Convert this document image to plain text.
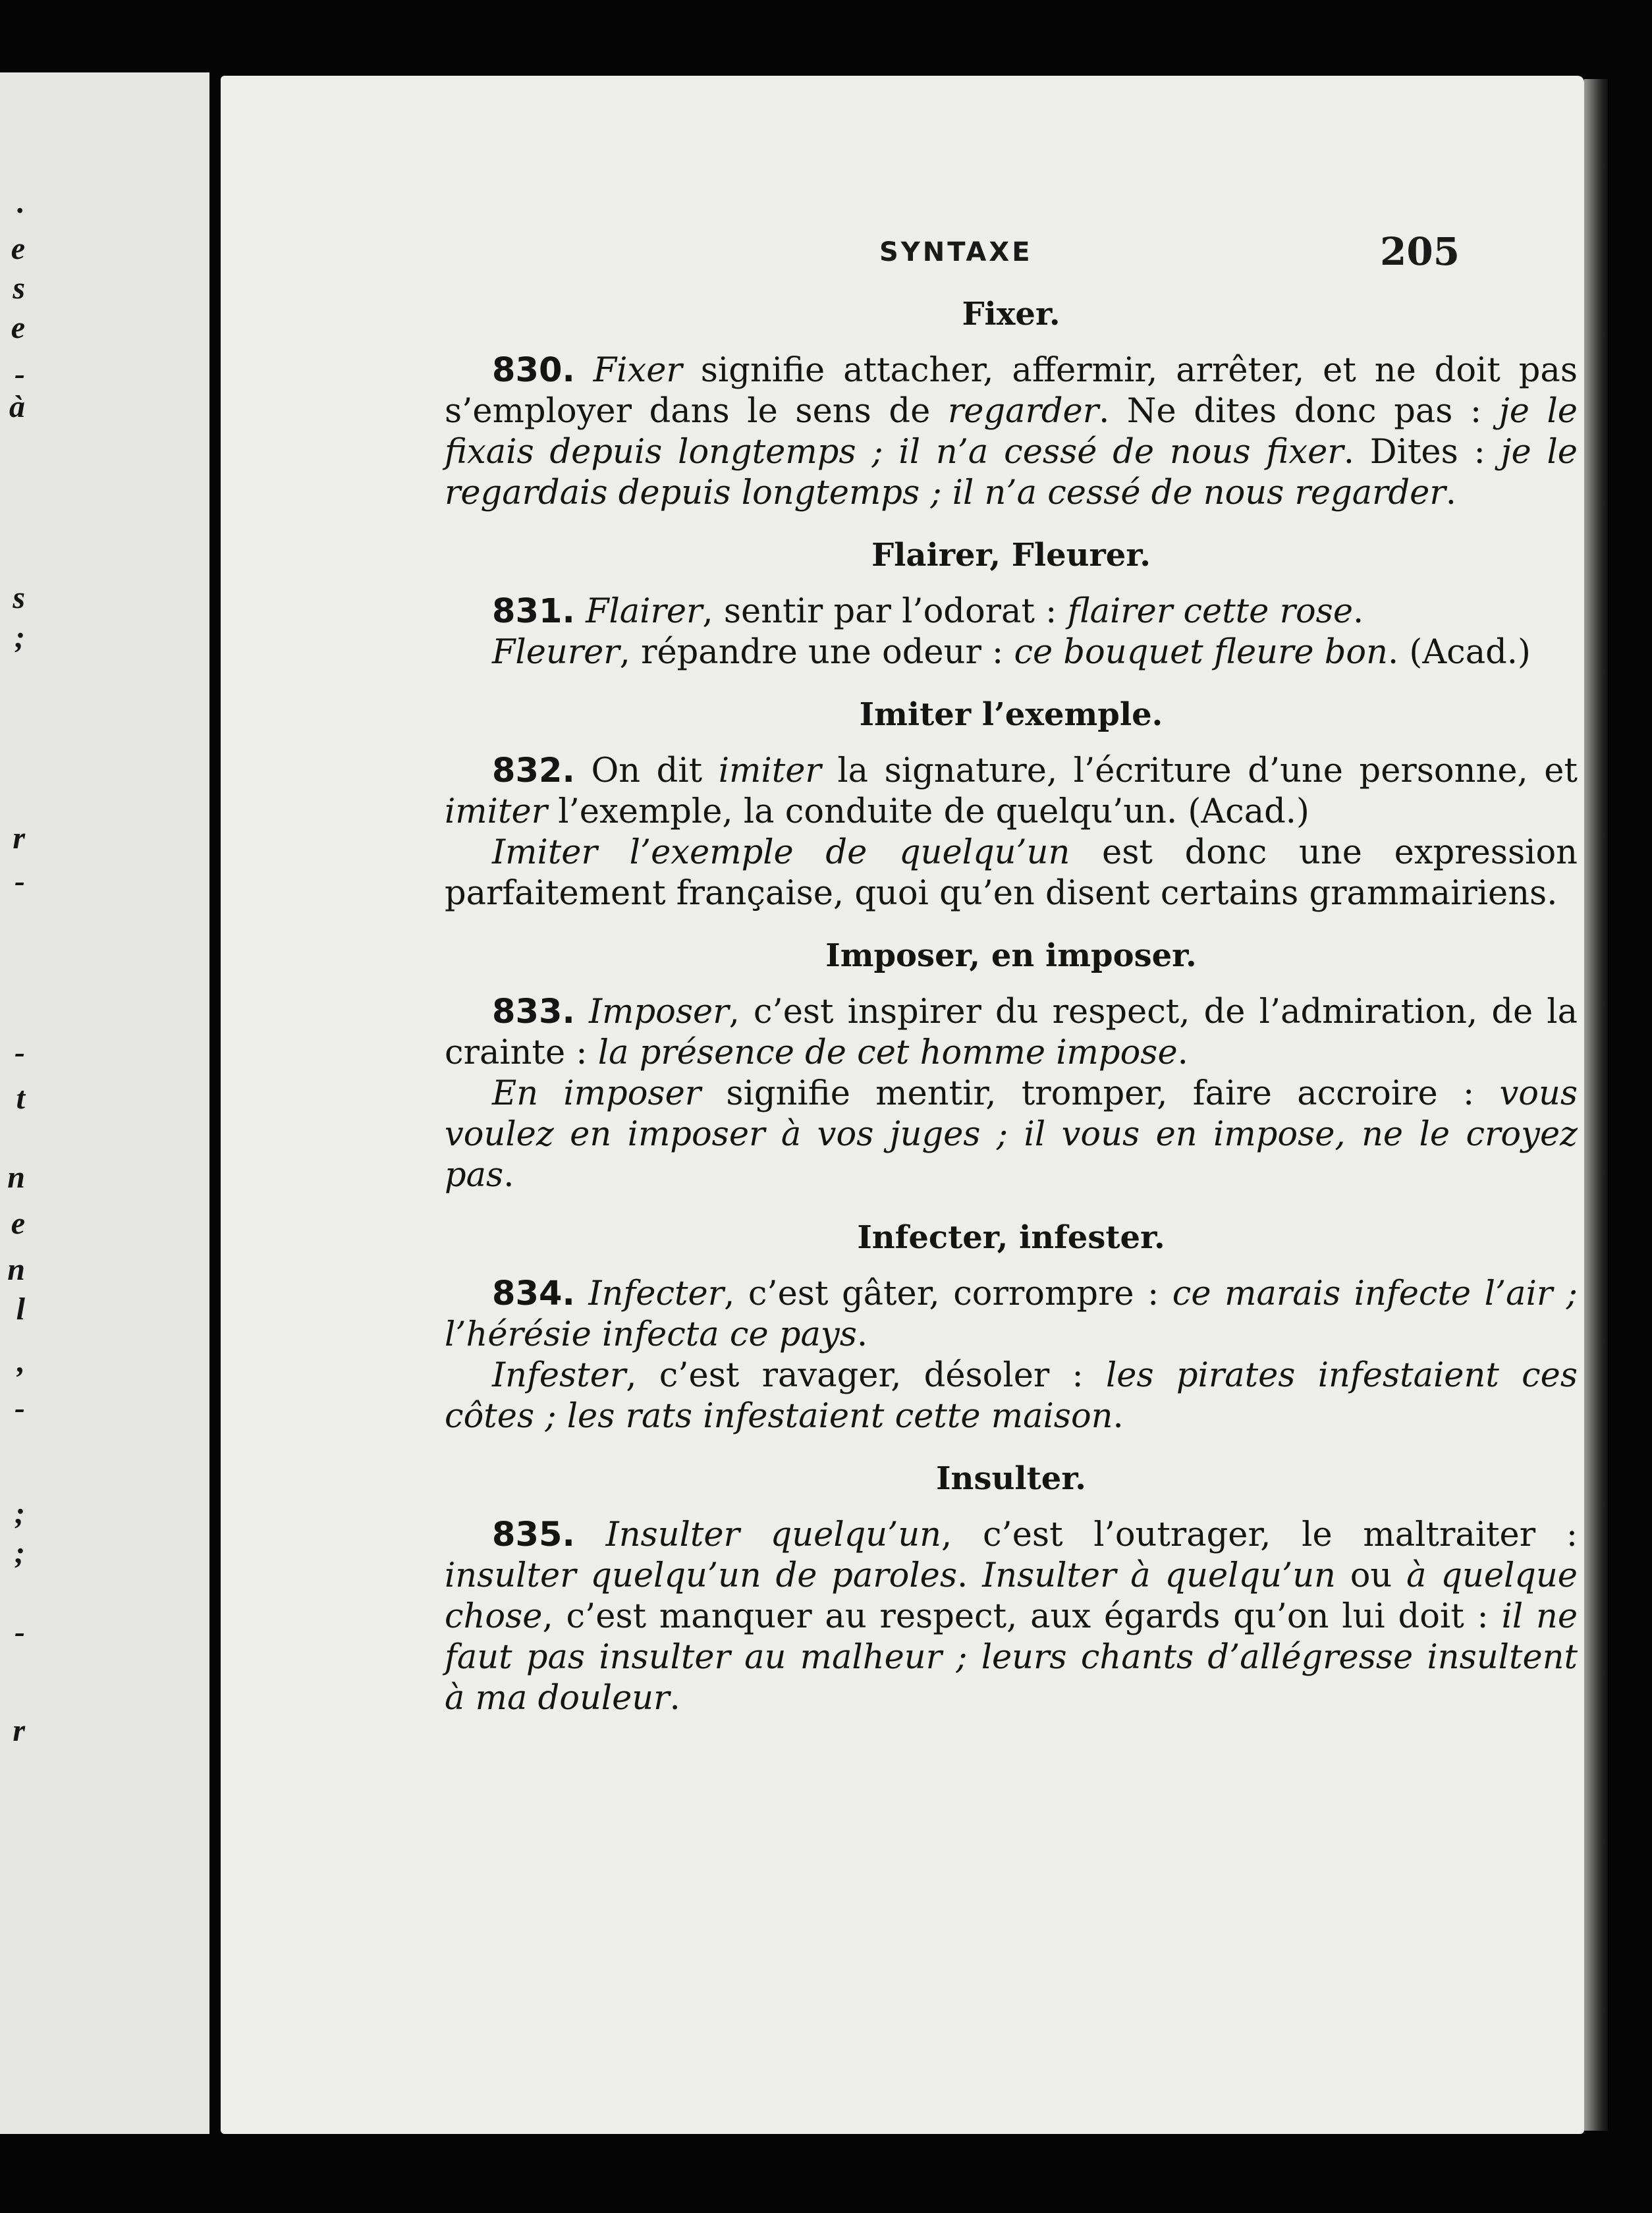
.
e
s
e
-
à
s
;
r
-
-
t
n
e
n
l
,
-
;
;
-
r
SYNTAXE	205
Fixer.

830. Fixer signifie attacher, affermir, arrêter, et ne doit pas s’employer dans le sens de regarder. Ne dites donc pas : je le fixais depuis longtemps ; il n’a cessé de nous fixer. Dites : je le regardais depuis longtemps ; il n’a cessé de nous regarder.

Flairer, Fleurer.

831. Flairer, sentir par l’odorat : flairer cette rose.

Fleurer, répandre une odeur : ce bouquet fleure bon. (Acad.)

Imiter l’exemple.

832. On dit imiter la signature, l’écriture d’une personne, et imiter l’exemple, la conduite de quelqu’un. (Acad.)

Imiter l’exemple de quelqu’un est donc une expression parfaitement française, quoi qu’en disent certains grammairiens.

Imposer, en imposer.

833. Imposer, c’est inspirer du respect, de l’admiration, de la crainte : la présence de cet homme impose.

En imposer signifie mentir, tromper, faire accroire : vous voulez en imposer à vos juges ; il vous en impose, ne le croyez pas.

Infecter, infester.

834. Infecter, c’est gâter, corrompre : ce marais infecte l’air ; l’hérésie infecta ce pays.

Infester, c’est ravager, désoler : les pirates infestaient ces côtes ; les rats infestaient cette maison.

Insulter.

835. Insulter quelqu’un, c’est l’outrager, le maltraiter : insulter quelqu’un de paroles. Insulter à quelqu’un ou à quelque chose, c’est manquer au respect, aux égards qu’on lui doit : il ne faut pas insulter au malheur ; leurs chants d’allégresse insultent à ma douleur.
